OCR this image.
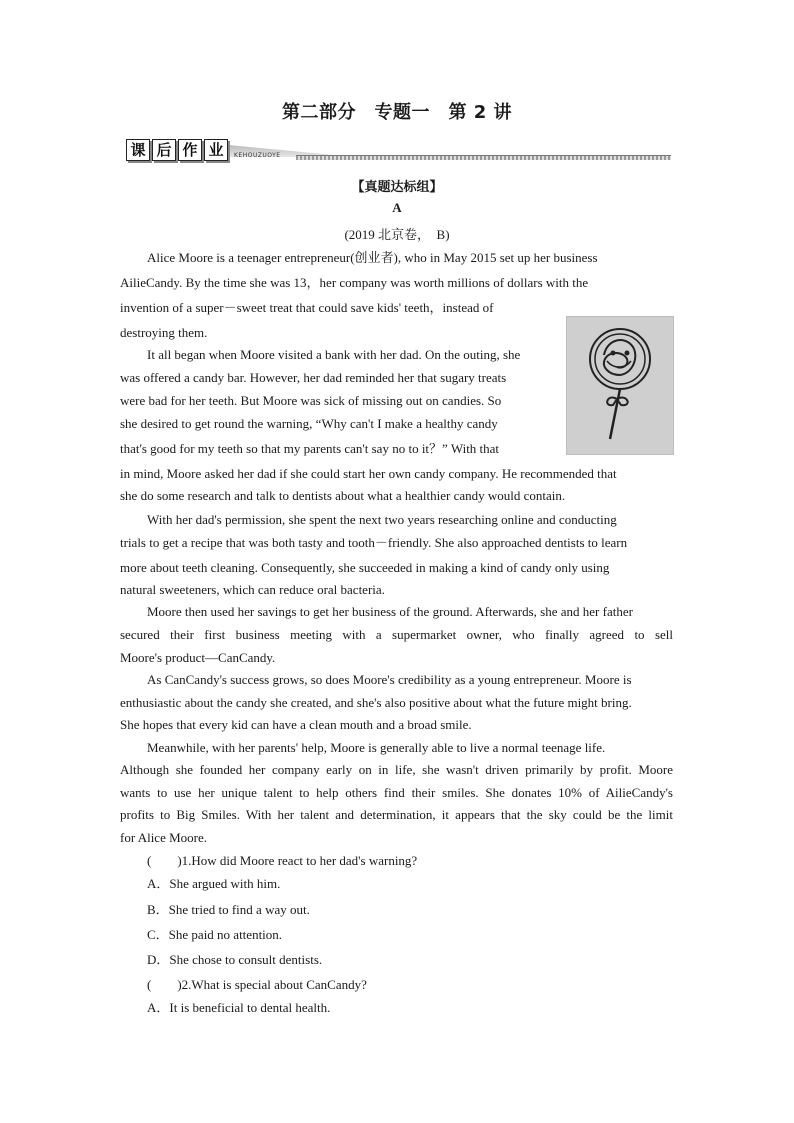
第二部分　专题一　第 2 讲
课 后 作 业	KEHOUZUOYE
【真题达标组】
A
(2019 北京卷，　B)
Alice Moore is a teenager entrepreneur(创业者), who in May 2015 set up her business
AilieCandy. By the time she was 13，her company was worth millions of dollars with the
invention of a super－sweet treat that could save kids' teeth，instead of
destroying them.
It all began when Moore visited a bank with her dad. On the outing, she
was offered a candy bar. However, her dad reminded her that sugary treats
were bad for her teeth. But Moore was sick of missing out on candies. So
she desired to get round the warning, “Why can't I make a healthy candy
that's good for my teeth so that my parents can't say no to it？” With that
in mind, Moore asked her dad if she could start her own candy company. He recommended that
she do some research and talk to dentists about what a healthier candy would contain.
With her dad's permission, she spent the next two years researching online and conducting
trials to get a recipe that was both tasty and tooth－friendly. She also approached dentists to learn
more about teeth cleaning. Consequently, she succeeded in making a kind of candy only using
natural sweeteners, which can reduce oral bacteria.
Moore then used her savings to get her business of the ground. Afterwards, she and her father
secured their first business meeting with a supermarket owner, who finally agreed to sell
Moore's product—CanCandy.
As CanCandy's success grows, so does Moore's credibility as a young entrepreneur. Moore is
enthusiastic about the candy she created, and she's also positive about what the future might bring.
She hopes that every kid can have a clean mouth and a broad smile.
Meanwhile, with her parents' help, Moore is generally able to live a normal teenage life.
Although she founded her company early on in life, she wasn't driven primarily by profit. Moore
wants to use her unique talent to help others find their smiles. She donates 10% of AilieCandy's
profits to Big Smiles. With her talent and determination, it appears that the sky could be the limit
for Alice Moore.
(　　)1.How did Moore react to her dad's warning?
A．She argued with him.
B．She tried to find a way out.
C．She paid no attention.
D．She chose to consult dentists.
(　　)2.What is special about CanCandy?
A．It is beneficial to dental health.
